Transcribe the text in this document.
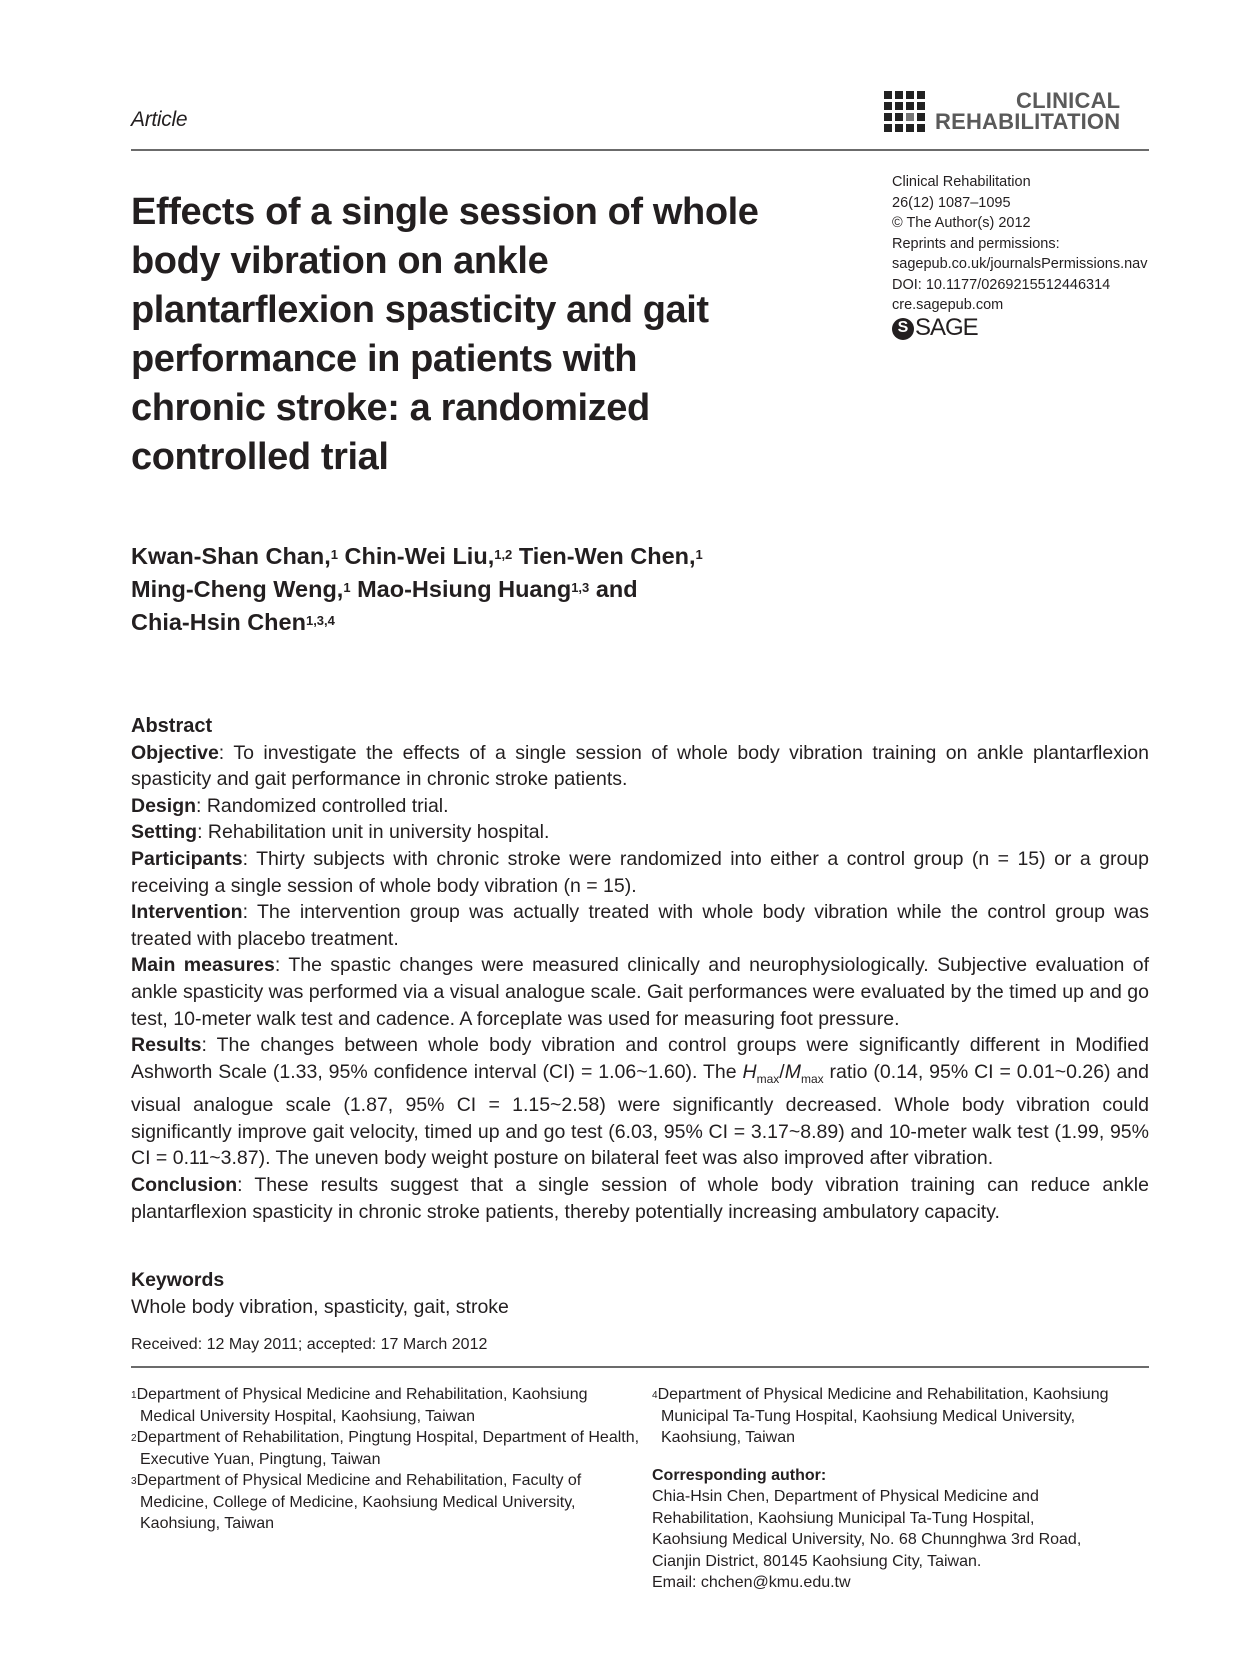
Article
CLINICAL
REHABILITATION
Effects of a single session of whole body vibration on ankle plantarflexion spasticity and gait performance in patients with chronic stroke: a randomized controlled trial
Clinical Rehabilitation
26(12) 1087–1095
© The Author(s) 2012
Reprints and permissions:
sagepub.co.uk/journalsPermissions.nav
DOI: 10.1177/0269215512446314
cre.sagepub.com
S SAGE
Kwan-Shan Chan,$^1$ Chin-Wei Liu,$^{1,2}$ Tien-Wen Chen,$^1$
Ming-Cheng Weng,$^1$ Mao-Hsiung Huang$^{1,3}$ and
Chia-Hsin Chen$^{1,3,4}$
Abstract

Objective: To investigate the effects of a single session of whole body vibration training on ankle plantarflexion spasticity and gait performance in chronic stroke patients.

Design: Randomized controlled trial.

Setting: Rehabilitation unit in university hospital.

Participants: Thirty subjects with chronic stroke were randomized into either a control group (n = 15) or a group receiving a single session of whole body vibration (n = 15).

Intervention: The intervention group was actually treated with whole body vibration while the control group was treated with placebo treatment.

Main measures: The spastic changes were measured clinically and neurophysiologically. Subjective evaluation of ankle spasticity was performed via a visual analogue scale. Gait performances were evaluated by the timed up and go test, 10-meter walk test and cadence. A forceplate was used for measuring foot pressure.

Results: The changes between whole body vibration and control groups were significantly different in Modified Ashworth Scale (1.33, 95% confidence interval (CI) = 1.06~1.60). The $H_{max}/M_{max}$ ratio (0.14, 95% CI = 0.01~0.26) and visual analogue scale (1.87, 95% CI = 1.15~2.58) were significantly decreased. Whole body vibration could significantly improve gait velocity, timed up and go test (6.03, 95% CI = 3.17~8.89) and 10-meter walk test (1.99, 95% CI = 0.11~3.87). The uneven body weight posture on bilateral feet was also improved after vibration.

Conclusion: These results suggest that a single session of whole body vibration training can reduce ankle plantarflexion spasticity in chronic stroke patients, thereby potentially increasing ambulatory capacity.

Keywords
Whole body vibration, spasticity, gait, stroke
Received: 12 May 2011; accepted: 17 March 2012

$^1$Department of Physical Medicine and Rehabilitation, Kaohsiung Medical University Hospital, Kaohsiung, Taiwan

$^2$Department of Rehabilitation, Pingtung Hospital, Department of Health, Executive Yuan, Pingtung, Taiwan

$^3$Department of Physical Medicine and Rehabilitation, Faculty of Medicine, College of Medicine, Kaohsiung Medical University, Kaohsiung, Taiwan

$^4$Department of Physical Medicine and Rehabilitation, Kaohsiung Municipal Ta-Tung Hospital, Kaohsiung Medical University, Kaohsiung, Taiwan

Corresponding author:
Chia-Hsin Chen, Department of Physical Medicine and
Rehabilitation, Kaohsiung Municipal Ta-Tung Hospital,
Kaohsiung Medical University, No. 68 Chunnghwa 3rd Road,
Cianjin District, 80145 Kaohsiung City, Taiwan.
Email: chchen@kmu.edu.tw
